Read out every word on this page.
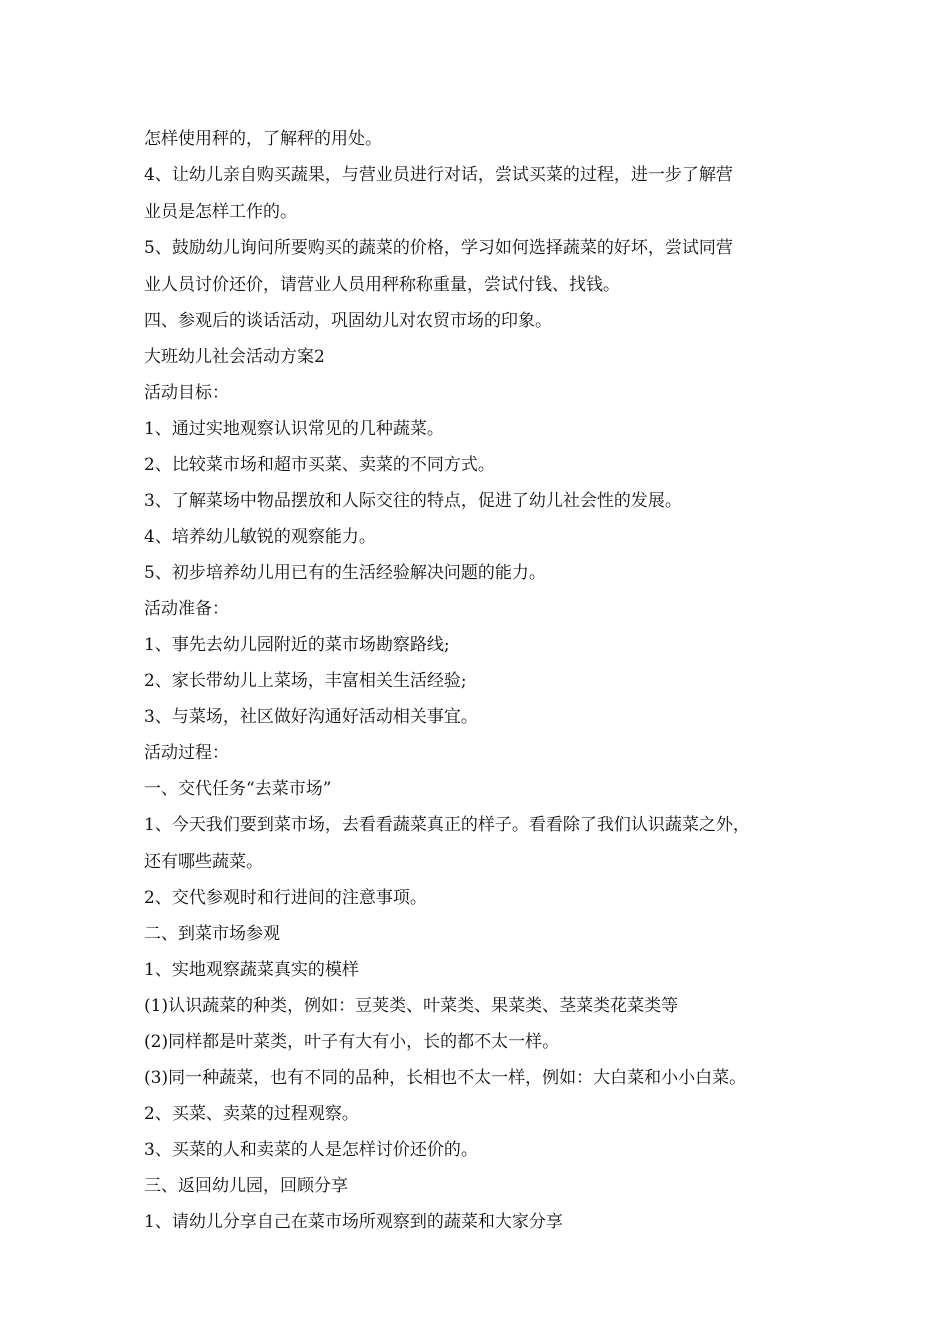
怎样使用秤的，了解秤的用处。

4、让幼儿亲自购买蔬果，与营业员进行对话，尝试买菜的过程，进一步了解营

业员是怎样工作的。

5、鼓励幼儿询问所要购买的蔬菜的价格，学习如何选择蔬菜的好坏，尝试同营

业人员讨价还价，请营业人员用秤称称重量，尝试付钱、找钱。

四、参观后的谈话活动，巩固幼儿对农贸市场的印象。

大班幼儿社会活动方案2

活动目标：

1、通过实地观察认识常见的几种蔬菜。

2、比较菜市场和超市买菜、卖菜的不同方式。

3、了解菜场中物品摆放和人际交往的特点，促进了幼儿社会性的发展。

4、培养幼儿敏锐的观察能力。

5、初步培养幼儿用已有的生活经验解决问题的能力。

活动准备：

1、事先去幼儿园附近的菜市场勘察路线;

2、家长带幼儿上菜场，丰富相关生活经验;

3、与菜场，社区做好沟通好活动相关事宜。

活动过程：

一、交代任务“去菜市场”

1、今天我们要到菜市场，去看看蔬菜真正的样子。看看除了我们认识蔬菜之外，

还有哪些蔬菜。

2、交代参观时和行进间的注意事项。

二、到菜市场参观

1、实地观察蔬菜真实的模样

(1)认识蔬菜的种类，例如：豆荚类、叶菜类、果菜类、茎菜类花菜类等

(2)同样都是叶菜类，叶子有大有小，长的都不太一样。

(3)同一种蔬菜，也有不同的品种，长相也不太一样，例如：大白菜和小小白菜。

2、买菜、卖菜的过程观察。

3、买菜的人和卖菜的人是怎样讨价还价的。

三、返回幼儿园，回顾分享

1、请幼儿分享自己在菜市场所观察到的蔬菜和大家分享
